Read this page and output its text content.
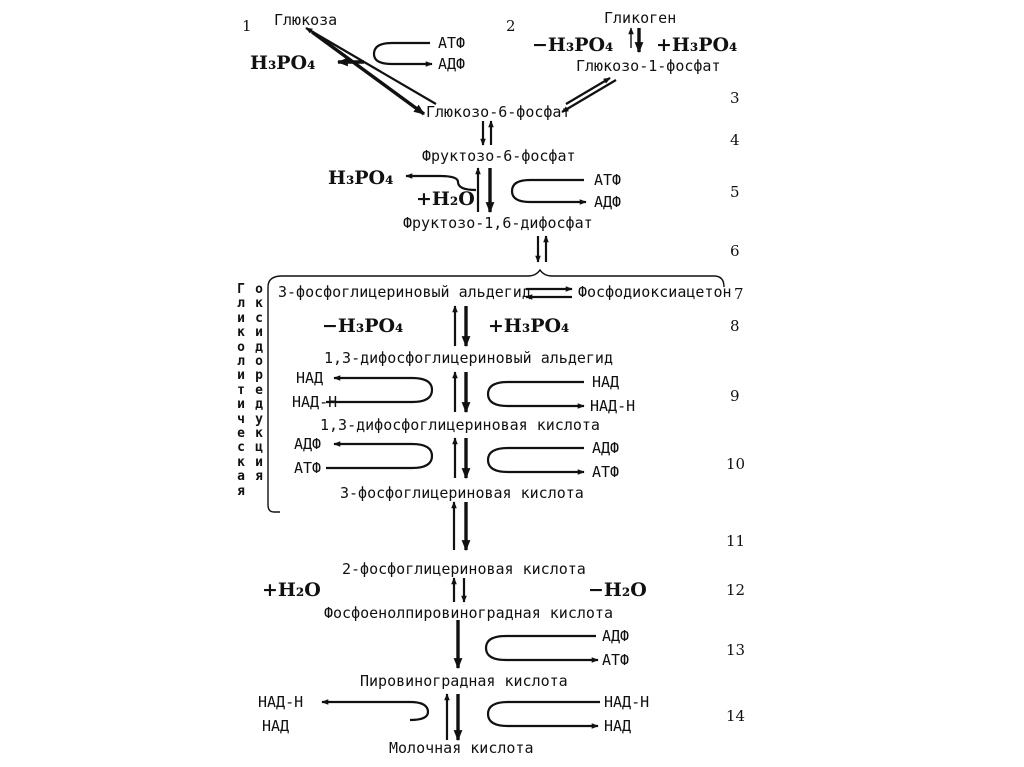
Глюкоза	Гликоген
Глюкозо-1-фосфат
Глюкозо-6-фосфат
Фруктозо-6-фосфат
Фруктозо-1,6-дифосфат
3-фосфоглицериновый альдегид	Фосфодиоксиацетон
1,3-дифосфоглицериновый альдегид
1,3-дифосфоглицериновая кислота
3-фосфоглицериновая кислота
2-фосфоглицериновая кислота
Фосфоенолпировиноградная кислота
Пировиноградная кислота
Молочная кислота
АТФ
АДФ
H₃PO₄
−H₃PO₄ +H₃PO₄
H₃PO₄
+H₂O
АТФ
АДФ
−H₃PO₄	+H₃PO₄
НАД
НАД-Н
НАД
НАД-Н
АДФ
АТФ
АДФ
АТФ
+H₂O	−H₂O
АДФ
АТФ
НАД-Н
НАД
НАД-Н
НАД
1	2
3
4
5
6
7
8
9
10
11
12
13
14
Г
л
и
к
о
л
и
т
и
ч
е
с
к
а
я
о
к
с
и
д
о
р
е
д
у
к
ц
и
я
